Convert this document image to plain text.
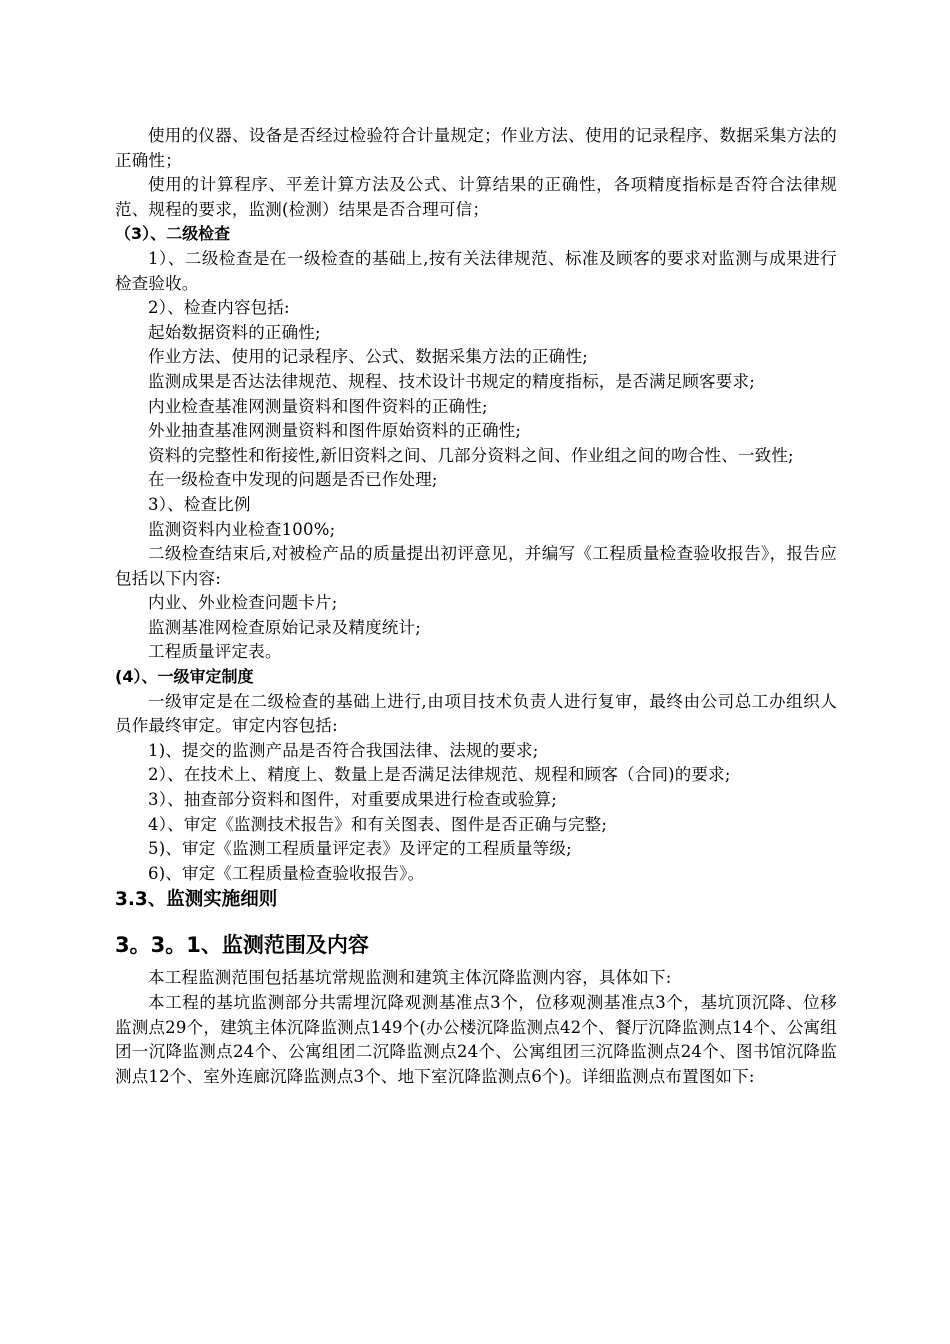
使用的仪器、设备是否经过检验符合计量规定；作业方法、使用的记录程序、数据采集方法的正确性；

使用的计算程序、平差计算方法及公式、计算结果的正确性，各项精度指标是否符合法律规范、规程的要求，监测(检测）结果是否合理可信；

（3）、二级检查

1）、二级检查是在一级检查的基础上,按有关法律规范、标准及顾客的要求对监测与成果进行检查验收。

2）、检查内容包括:

起始数据资料的正确性;

作业方法、使用的记录程序、公式、数据采集方法的正确性;

监测成果是否达法律规范、规程、技术设计书规定的精度指标，是否满足顾客要求;

内业检查基准网测量资料和图件资料的正确性;

外业抽查基准网测量资料和图件原始资料的正确性;

资料的完整性和衔接性,新旧资料之间、几部分资料之间、作业组之间的吻合性、一致性;

在一级检查中发现的问题是否已作处理;

3）、检查比例

监测资料内业检查100%;

二级检查结束后,对被检产品的质量提出初评意见，并编写《工程质量检查验收报告》，报告应包括以下内容:

内业、外业检查问题卡片;

监测基准网检查原始记录及精度统计;

工程质量评定表。

(4）、一级审定制度

一级审定是在二级检查的基础上进行,由项目技术负责人进行复审，最终由公司总工办组织人员作最终审定。审定内容包括:

1)、提交的监测产品是否符合我国法律、法规的要求;

2）、在技术上、精度上、数量上是否满足法律规范、规程和顾客（合同)的要求;

3）、抽查部分资料和图件，对重要成果进行检查或验算;

4）、审定《监测技术报告》和有关图表、图件是否正确与完整;

5)、审定《监测工程质量评定表》及评定的工程质量等级;

6)、审定《工程质量检查验收报告》。

3.3、监测实施细则

3。3。1、监测范围及内容

本工程监测范围包括基坑常规监测和建筑主体沉降监测内容，具体如下:

本工程的基坑监测部分共需埋沉降观测基准点3个，位移观测基准点3个，基坑顶沉降、位移监测点29个，建筑主体沉降监测点149个(办公楼沉降监测点42个、餐厅沉降监测点14个、公寓组团一沉降监测点24个、公寓组团二沉降监测点24个、公寓组团三沉降监测点24个、图书馆沉降监测点12个、室外连廊沉降监测点3个、地下室沉降监测点6个)。详细监测点布置图如下:
